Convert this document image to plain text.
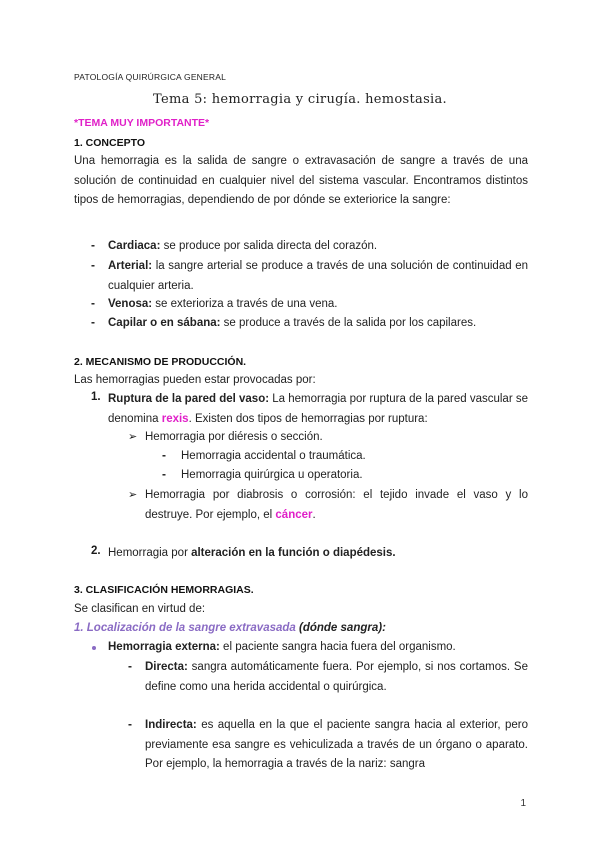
PATOLOGÍA QUIRÚRGICA GENERAL
Tema 5: hemorragia y cirugía. hemostasia.
*TEMA MUY IMPORTANTE*
1. CONCEPTO
Una hemorragia es la salida de sangre o extravasación de sangre a través de una solución de continuidad en cualquier nivel del sistema vascular. Encontramos distintos tipos de hemorragias, dependiendo de por dónde se exteriorice la sangre:
- Cardiaca: se produce por salida directa del corazón.
- Arterial: la sangre arterial se produce a través de una solución de continuidad en cualquier arteria.
- Venosa: se exterioriza a través de una vena.
- Capilar o en sábana: se produce a través de la salida por los capilares.
2. MECANISMO DE PRODUCCIÓN.
Las hemorragias pueden estar provocadas por:
1. Ruptura de la pared del vaso: La hemorragia por ruptura de la pared vascular se denomina rexis. Existen dos tipos de hemorragias por ruptura:
➢ Hemorragia por diéresis o sección.
- Hemorragia accidental o traumática.
- Hemorragia quirúrgica u operatoria.
➢ Hemorragia por diabrosis o corrosión: el tejido invade el vaso y lo destruye. Por ejemplo, el cáncer.
2. Hemorragia por alteración en la función o diapédesis.
3. CLASIFICACIÓN HEMORRAGIAS.
Se clasifican en virtud de:
1. Localización de la sangre extravasada (dónde sangra):
Hemorragia externa: el paciente sangra hacia fuera del organismo.
- Directa: sangra automáticamente fuera. Por ejemplo, si nos cortamos. Se define como una herida accidental o quirúrgica.
- Indirecta: es aquella en la que el paciente sangra hacia al exterior, pero previamente esa sangre es vehiculizada a través de un órgano o aparato. Por ejemplo, la hemorragia a través de la nariz: sangra
1
